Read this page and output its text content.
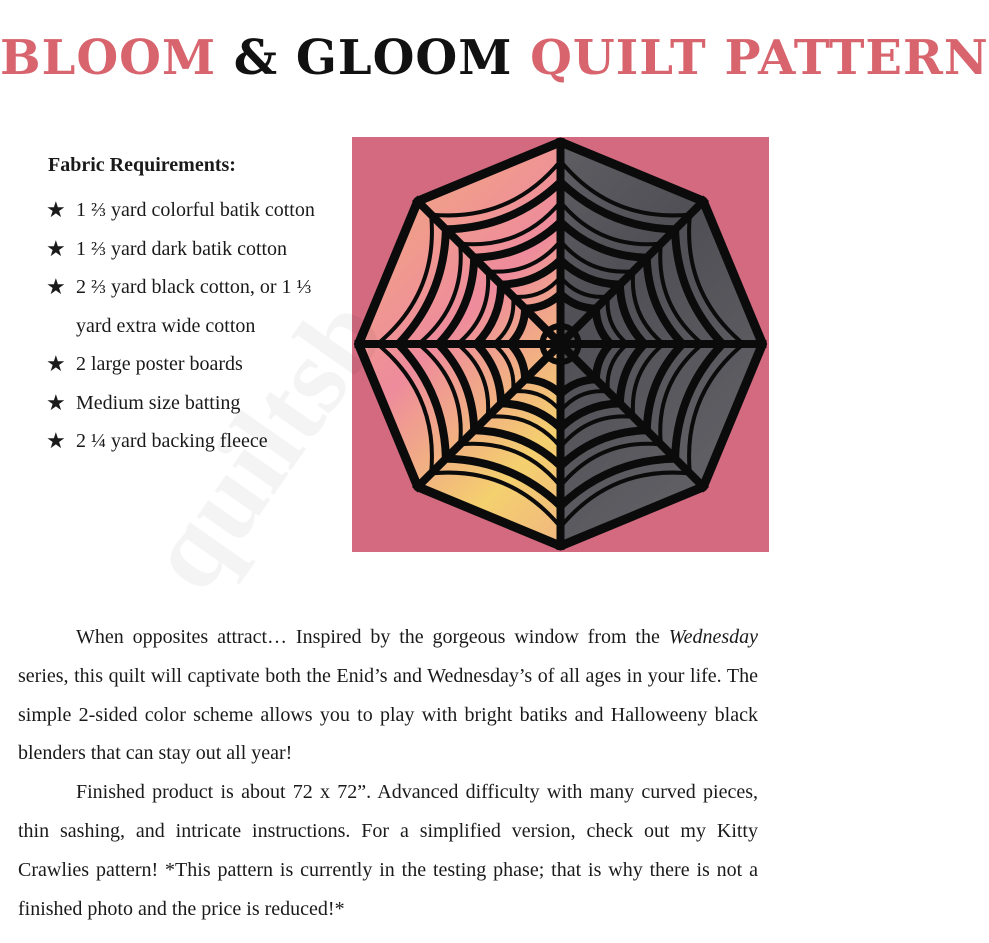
BLOOM & GLOOM QUILT PATTERN
Fabric Requirements:
★ 1 ⅔ yard colorful batik cotton
★ 1 ⅔ yard dark batik cotton
★ 2 ⅔ yard black cotton, or 1 ⅓ yard extra wide cotton
★ 2 large poster boards
★ Medium size batting
★ 2 ¼ yard backing fleece

When opposites attract… Inspired by the gorgeous window from the Wednesday series, this quilt will captivate both the Enid’s and Wednesday’s of all ages in your life. The simple 2-sided color scheme allows you to play with bright batiks and Halloweeny black blenders that can stay out all year!

Finished product is about 72 x 72”. Advanced difficulty with many curved pieces, thin sashing, and intricate instructions. For a simplified version, check out my Kitty Crawlies pattern! *This pattern is currently in the testing phase; that is why there is not a finished photo and the price is reduced!*
